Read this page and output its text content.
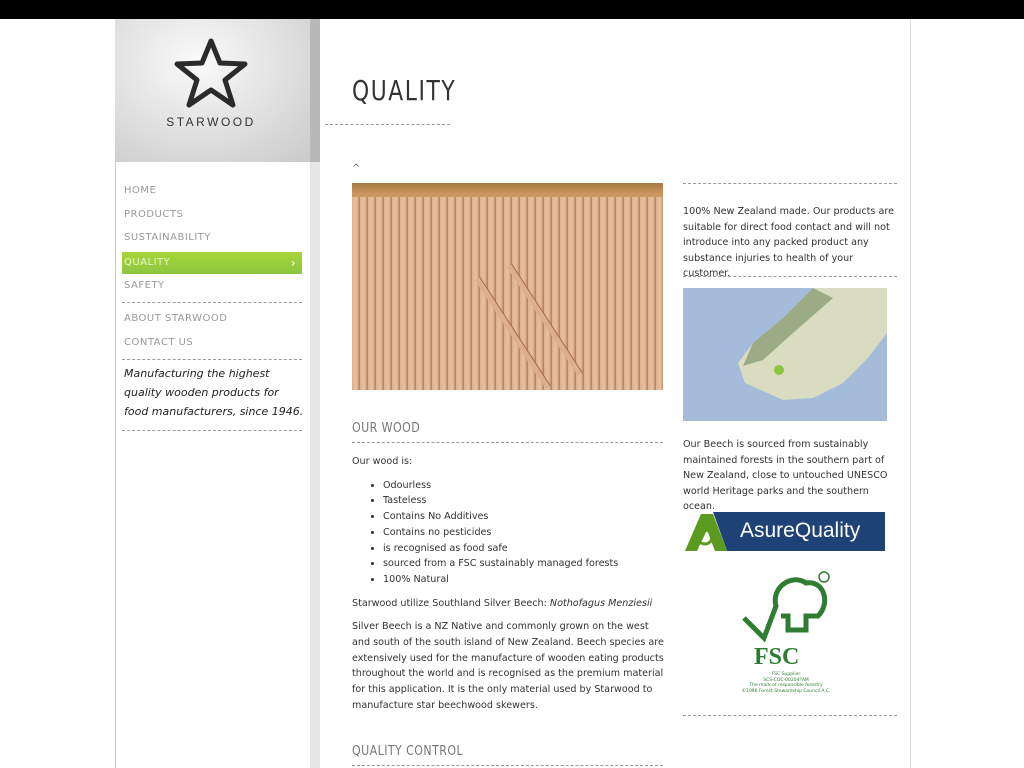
STARWOOD
HOME
PRODUCTS
SUSTAINABILITY
QUALITY	›
SAFETY
ABOUT STARWOOD
CONTACT US
Manufacturing the highest quality wooden products for food manufacturers, since 1946.
QUALITY
^
OUR WOOD

Our wood is:

• Odourless
• Tasteless
• Contains No Additives
• Contains no pesticides
• is recognised as food safe
• sourced from a FSC sustainably managed forests
• 100% Natural

Starwood utilize Southland Silver Beech: Nothofagus Menziesii

Silver Beech is a NZ Native and commonly grown on the west and south of the south island of New Zealand. Beech species are extensively used for the manufacture of wooden eating products throughout the world and is recognised as the premium material for this application. It is the only material used by Starwood to manufacture star beechwood skewers.

QUALITY CONTROL
100% New Zealand made. Our products are suitable for direct food contact and will not introduce into any packed product any substance injuries to health of your customer.
Our Beech is sourced from sustainably maintained forests in the southern part of New Zealand, close to untouched UNESCO world Heritage parks and the southern ocean.
AsureQuality
FSC
FSC Supplier
SCS-COC-00204?AM
The mark of responsible forestry
©1996 Forest Stewardship Council A.C.
